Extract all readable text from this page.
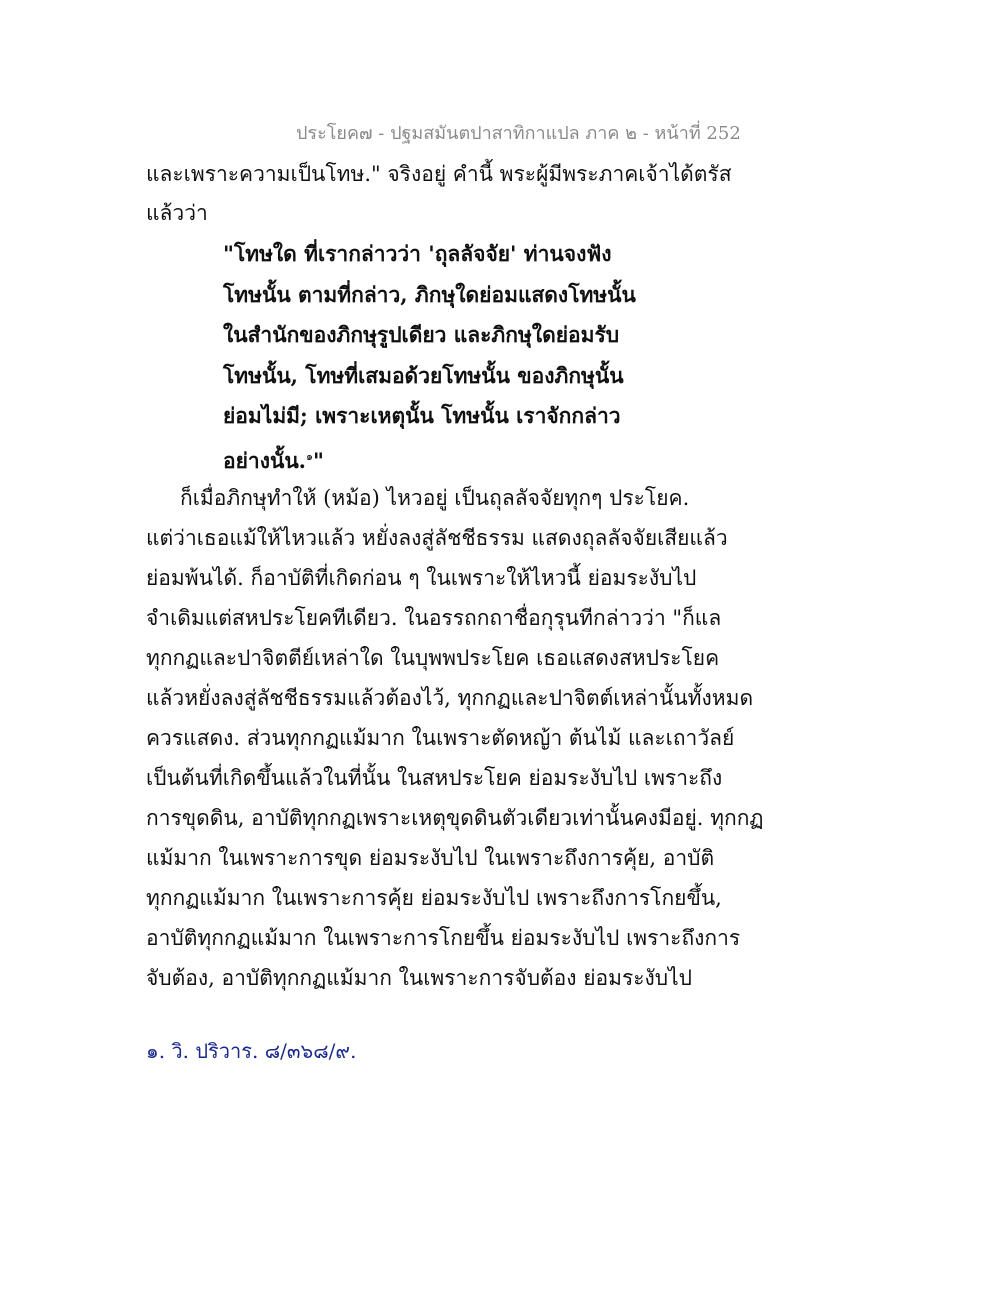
ประโยค๗ - ปฐมสมันตปาสาทิกาแปล ภาค ๒ - หน้าที่ 252
และเพราะความเป็นโทษ." จริงอยู่ คำนี้ พระผู้มีพระภาคเจ้าได้ตรัส
แล้วว่า
"โทษใด ที่เรากล่าวว่า 'ถุลลัจจัย' ท่านจงฟัง
โทษนั้น ตามที่กล่าว, ภิกษุใดย่อมแสดงโทษนั้น
ในสำนักของภิกษุรูปเดียว และภิกษุใดย่อมรับ
โทษนั้น, โทษที่เสมอด้วยโทษนั้น ของภิกษุนั้น
ย่อมไม่มี; เพราะเหตุนั้น โทษนั้น เราจักกล่าว
อย่างนั้น.$^๑$"
ก็เมื่อภิกษุทำให้ (หม้อ) ไหวอยู่ เป็นถุลลัจจัยทุกๆ ประโยค.
แต่ว่าเธอแม้ให้ไหวแล้ว หยั่งลงสู่ลัชชีธรรม แสดงถุลลัจจัยเสียแล้ว
ย่อมพ้นได้. ก็อาบัติที่เกิดก่อน ๆ ในเพราะให้ไหวนี้ ย่อมระงับไป
จำเดิมแต่สหประโยคทีเดียว. ในอรรถกถาชื่อกุรุนทีกล่าวว่า "ก็แล
ทุกกฏและปาจิตตีย์เหล่าใด ในบุพพประโยค เธอแสดงสหประโยค
แล้วหยั่งลงสู่ลัชชีธรรมแล้วต้องไว้, ทุกกฏและปาจิตต์เหล่านั้นทั้งหมด
ควรแสดง. ส่วนทุกกฏแม้มาก ในเพราะตัดหญ้า ต้นไม้ และเถาวัลย์
เป็นต้นที่เกิดขึ้นแล้วในที่นั้น ในสหประโยค ย่อมระงับไป เพราะถึง
การขุดดิน, อาบัติทุกกฏเพราะเหตุขุดดินตัวเดียวเท่านั้นคงมีอยู่. ทุกกฏ
แม้มาก ในเพราะการขุด ย่อมระงับไป ในเพราะถึงการคุ้ย, อาบัติ
ทุกกฏแม้มาก ในเพราะการคุ้ย ย่อมระงับไป เพราะถึงการโกยขึ้น,
อาบัติทุกกฏแม้มาก ในเพราะการโกยขึ้น ย่อมระงับไป เพราะถึงการ
จับต้อง, อาบัติทุกกฏแม้มาก ในเพราะการจับต้อง ย่อมระงับไป
๑. วิ. ปริวาร. ๘/๓๖๘/๙.
